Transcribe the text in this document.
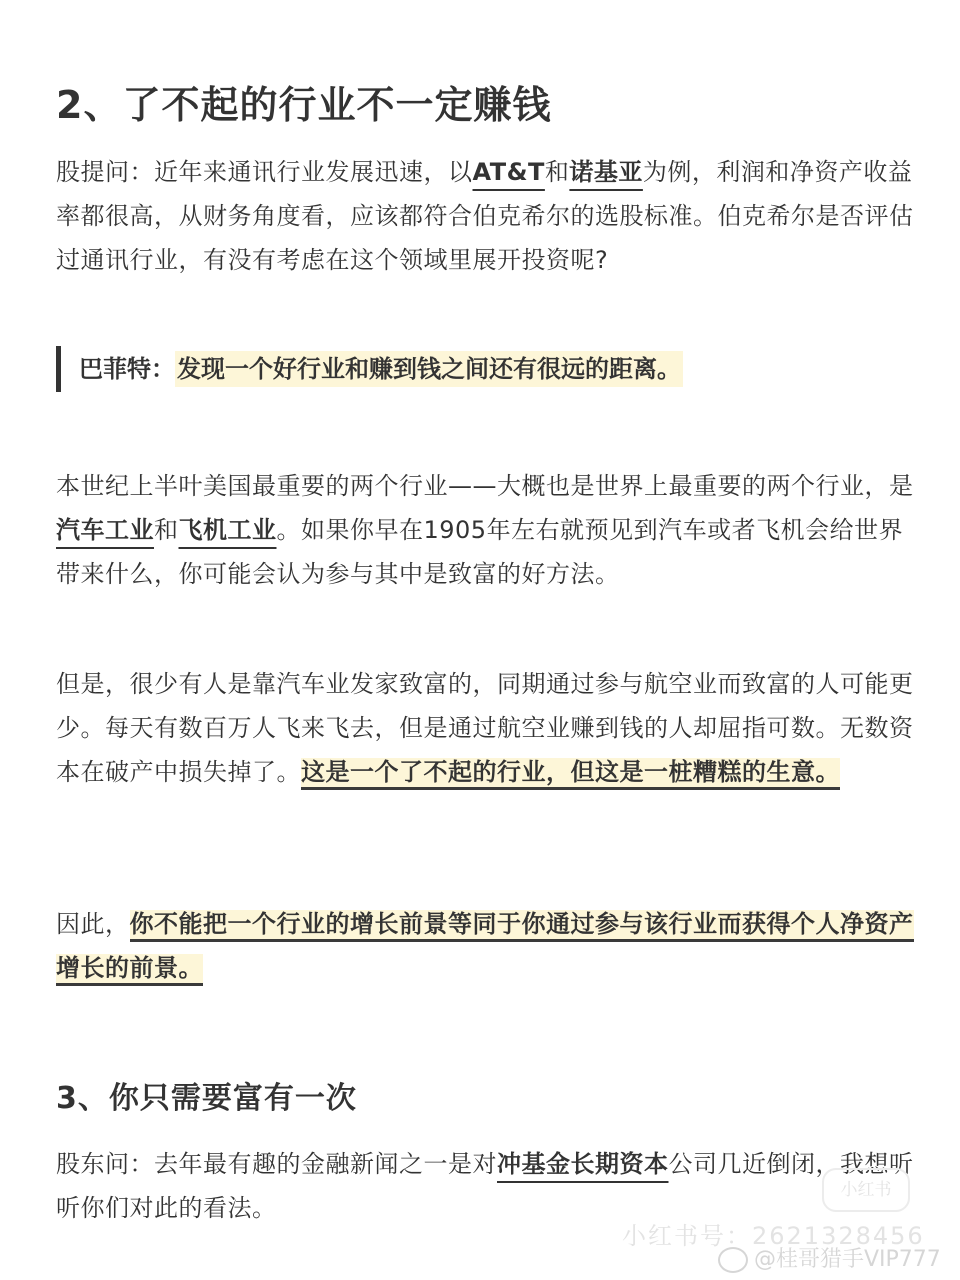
2、了不起的行业不一定赚钱
股提问：近年来通讯行业发展迅速，以AT&T和诺基亚为例，利润和净资产收益率都很高，从财务角度看，应该都符合伯克希尔的选股标准。伯克希尔是否评估过通讯行业，有没有考虑在这个领域里展开投资呢?
巴菲特：发现一个好行业和赚到钱之间还有很远的距离。
本世纪上半叶美国最重要的两个行业——大概也是世界上最重要的两个行业，是汽车工业和飞机工业。如果你早在1905年左右就预见到汽车或者飞机会给世界带来什么，你可能会认为参与其中是致富的好方法。
但是，很少有人是靠汽车业发家致富的，同期通过参与航空业而致富的人可能更少。每天有数百万人飞来飞去，但是通过航空业赚到钱的人却屈指可数。无数资本在破产中损失掉了。这是一个了不起的行业，但这是一桩糟糕的生意。
因此，你不能把一个行业的增长前景等同于你通过参与该行业而获得个人净资产增长的前景。
3、你只需要富有一次
股东问：去年最有趣的金融新闻之一是对冲基金长期资本公司几近倒闭，我想听听你们对此的看法。
小红书
小红书号：2621328456
@桂哥猎手VIP777
